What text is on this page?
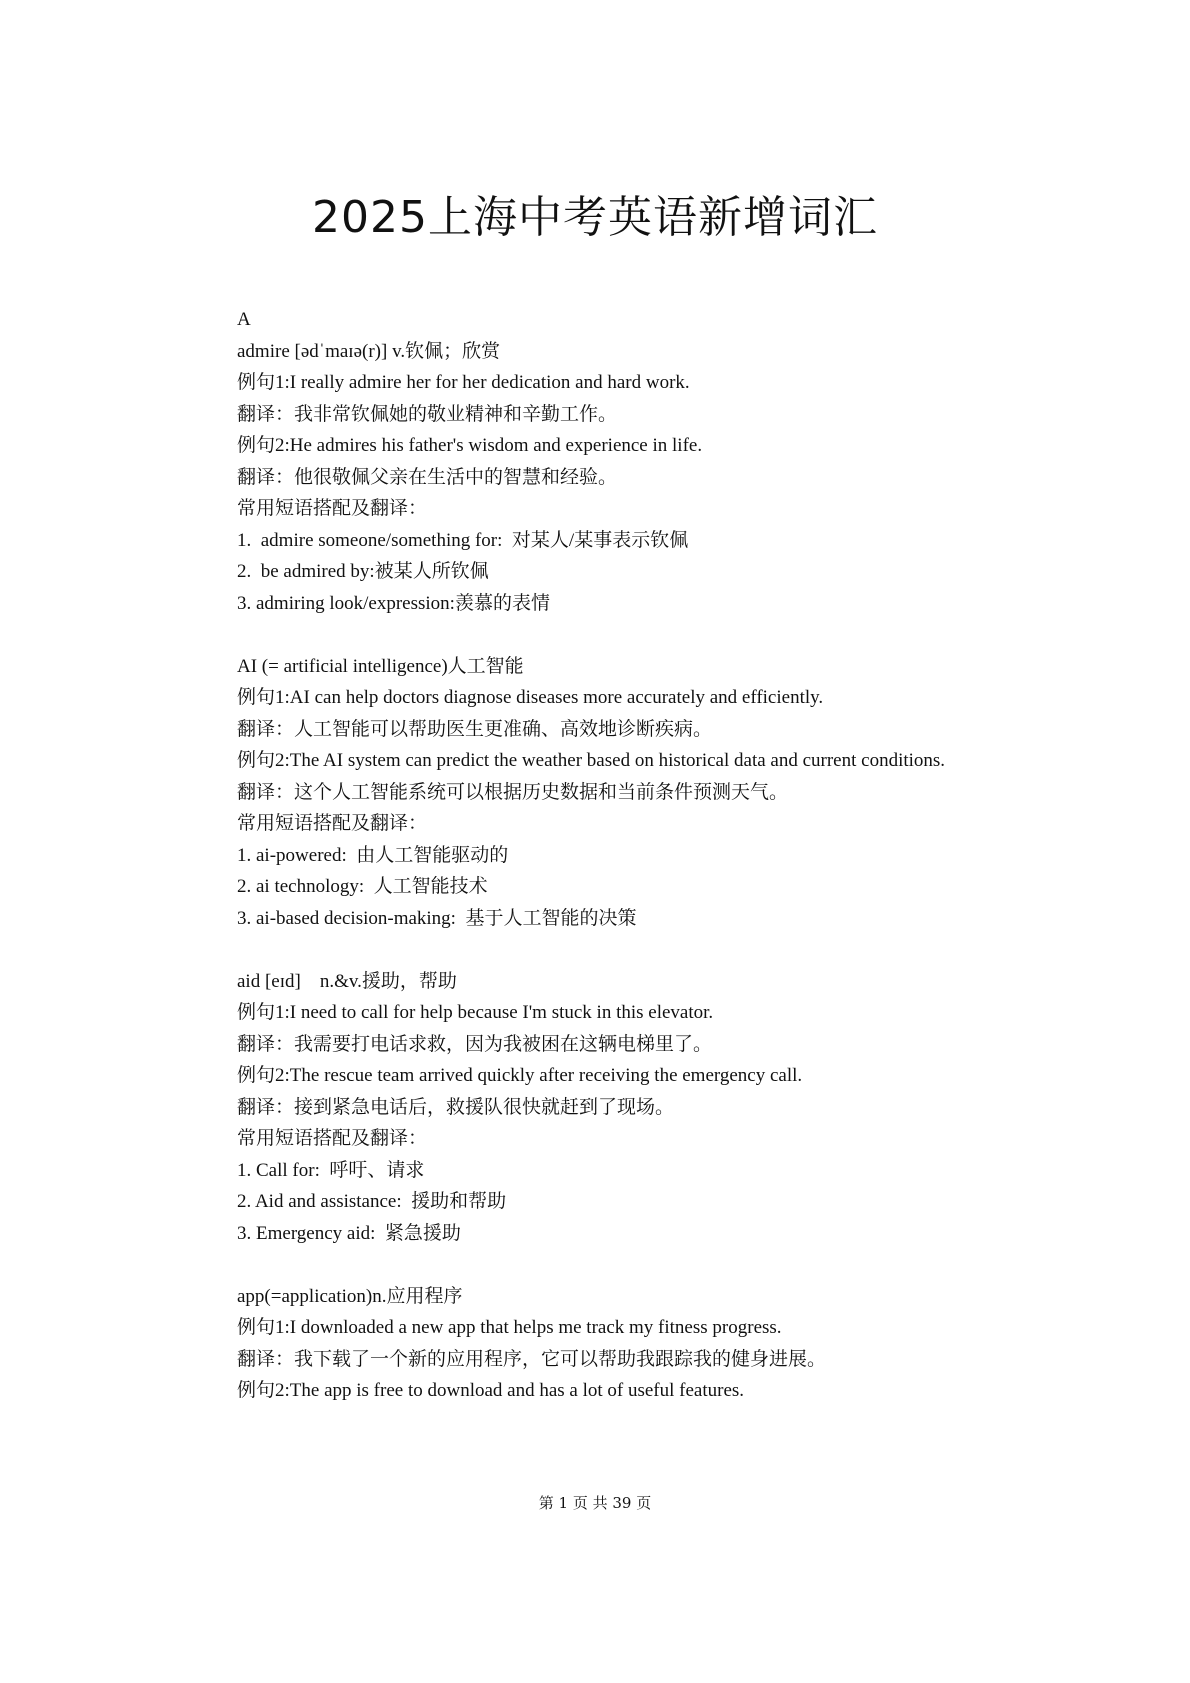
2025上海中考英语新增词汇
A
admire [ədˈmaɪə(r)] v.钦佩；欣赏
例句1:I really admire her for her dedication and hard work.
翻译：我非常钦佩她的敬业精神和辛勤工作。
例句2:He admires his father's wisdom and experience in life.
翻译：他很敬佩父亲在生活中的智慧和经验。
常用短语搭配及翻译：
1.  admire someone/something for:  对某人/某事表示钦佩
2.  be admired by:被某人所钦佩
3. admiring look/expression:羡慕的表情
AI (= artificial intelligence)人工智能
例句1:AI can help doctors diagnose diseases more accurately and efficiently.
翻译：人工智能可以帮助医生更准确、高效地诊断疾病。
例句2:The AI system can predict the weather based on historical data and current conditions.
翻译：这个人工智能系统可以根据历史数据和当前条件预测天气。
常用短语搭配及翻译：
1. ai-powered:  由人工智能驱动的
2. ai technology:  人工智能技术
3. ai-based decision-making:  基于人工智能的决策
aid [eɪd]    n.&v.援助，帮助
例句1:I need to call for help because I'm stuck in this elevator.
翻译：我需要打电话求救，因为我被困在这辆电梯里了。
例句2:The rescue team arrived quickly after receiving the emergency call.
翻译：接到紧急电话后，救援队很快就赶到了现场。
常用短语搭配及翻译：
1. Call for:  呼吁、请求
2. Aid and assistance:  援助和帮助
3. Emergency aid:  紧急援助
app(=application)n.应用程序
例句1:I downloaded a new app that helps me track my fitness progress.
翻译：我下载了一个新的应用程序，它可以帮助我跟踪我的健身进展。
例句2:The app is free to download and has a lot of useful features.
第 1 页 共 39 页
